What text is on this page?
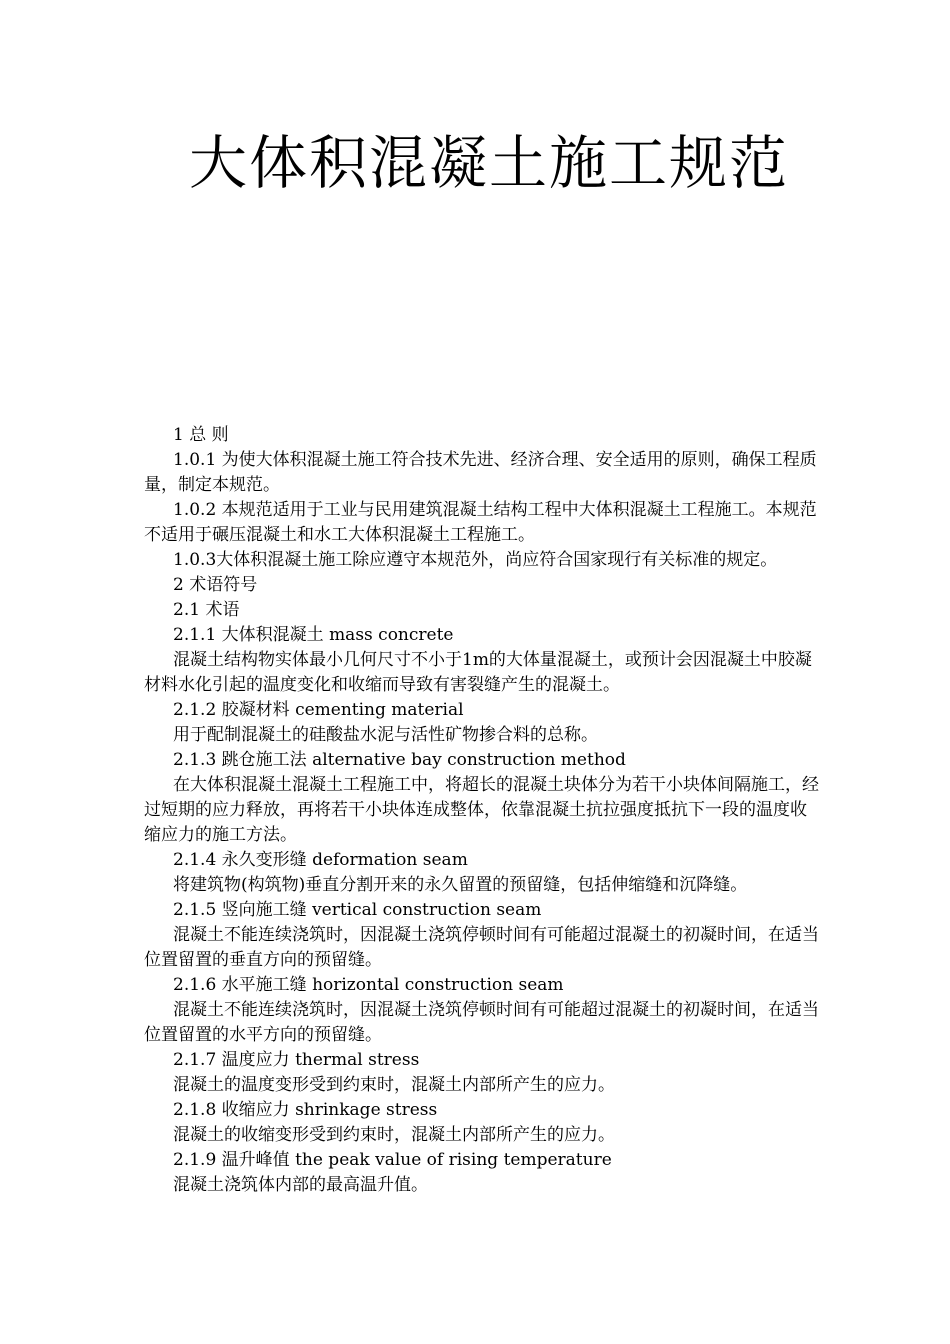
大体积混凝土施工规范

1 总 则

1.0.1 为使大体积混凝土施工符合技术先进、经济合理、安全适用的原则，确保工程质量，制定本规范。

1.0.2 本规范适用于工业与民用建筑混凝土结构工程中大体积混凝土工程施工。本规范不适用于碾压混凝土和水工大体积混凝土工程施工。

1.0.3大体积混凝土施工除应遵守本规范外，尚应符合国家现行有关标准的规定。

2 术语符号

2.1 术语

2.1.1 大体积混凝土 mass concrete

混凝土结构物实体最小几何尺寸不小于1m的大体量混凝土，或预计会因混凝土中胶凝材料水化引起的温度变化和收缩而导致有害裂缝产生的混凝土。

2.1.2 胶凝材料 cementing material

用于配制混凝土的硅酸盐水泥与活性矿物掺合料的总称。

2.1.3 跳仓施工法 alternative bay construction method

在大体积混凝土混凝土工程施工中，将超长的混凝土块体分为若干小块体间隔施工，经过短期的应力释放，再将若干小块体连成整体，依靠混凝土抗拉强度抵抗下一段的温度收缩应力的施工方法。

2.1.4 永久变形缝 deformation seam

将建筑物(构筑物)垂直分割开来的永久留置的预留缝，包括伸缩缝和沉降缝。

2.1.5 竖向施工缝 vertical construction seam

混凝土不能连续浇筑时，因混凝土浇筑停顿时间有可能超过混凝土的初凝时间，在适当位置留置的垂直方向的预留缝。

2.1.6 水平施工缝 horizontal construction seam

混凝土不能连续浇筑时，因混凝土浇筑停顿时间有可能超过混凝土的初凝时间，在适当位置留置的水平方向的预留缝。

2.1.7 温度应力 thermal stress

混凝土的温度变形受到约束时，混凝土内部所产生的应力。

2.1.8 收缩应力 shrinkage stress

混凝土的收缩变形受到约束时，混凝土内部所产生的应力。

2.1.9 温升峰值 the peak value of rising temperature

混凝土浇筑体内部的最高温升值。
